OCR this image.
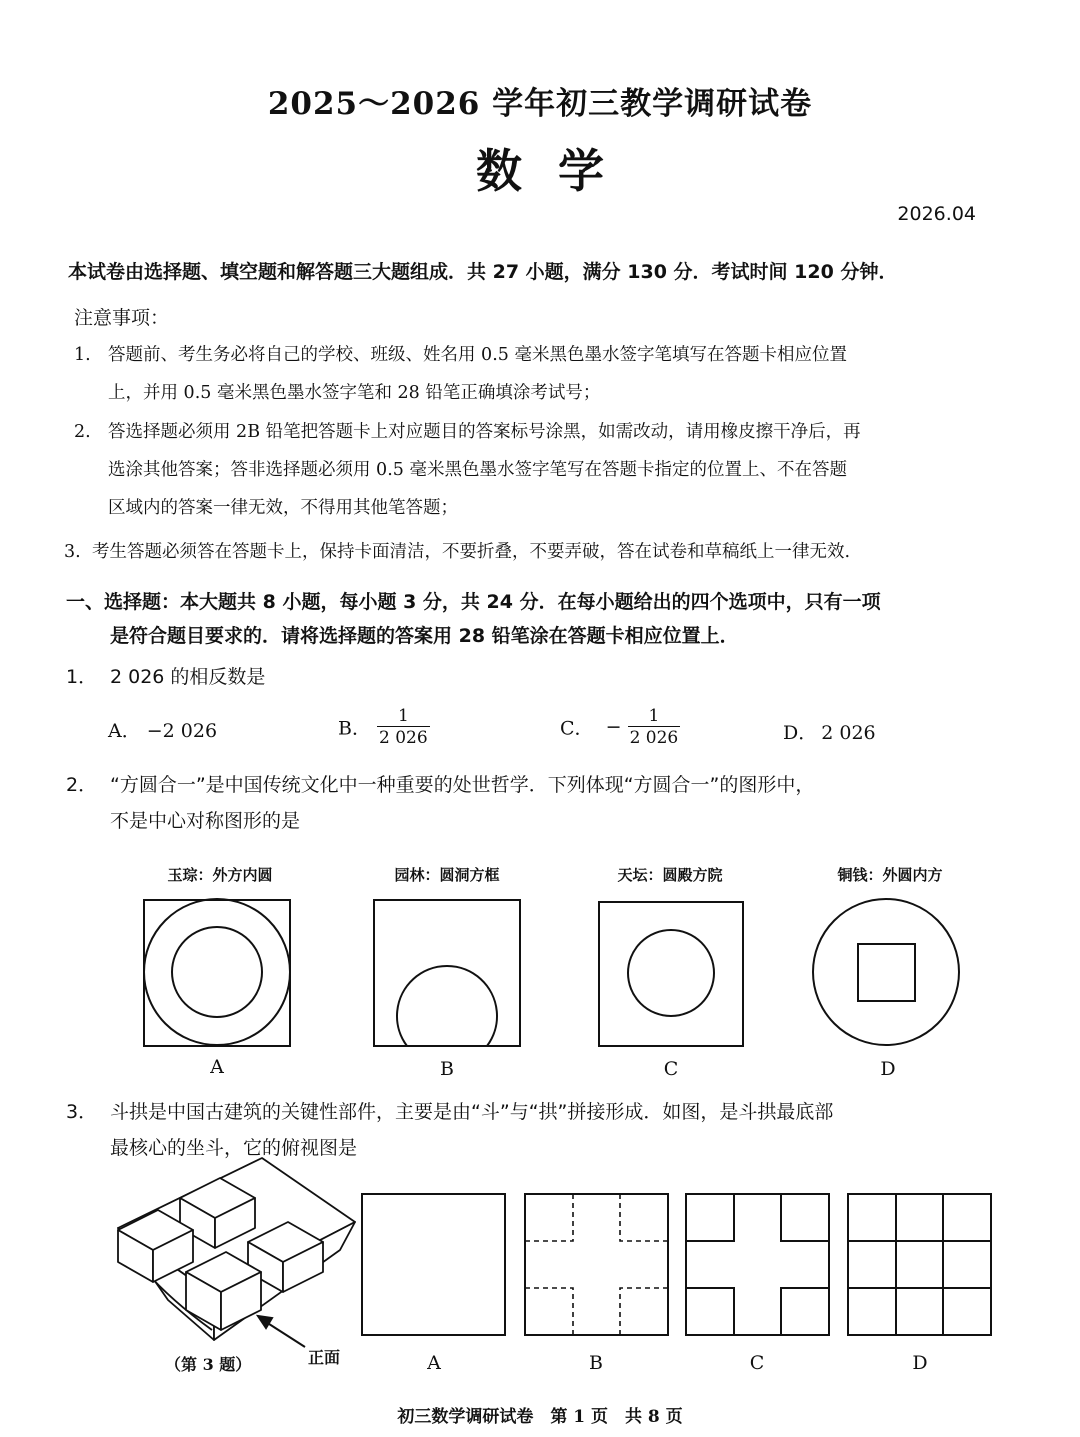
2025～2026 学年初三教学调研试卷
数学
2026.04
本试卷由选择题、填空题和解答题三大题组成．共 27 小题，满分 130 分．考试时间 120 分钟．
注意事项：
1. 答题前、考生务必将自己的学校、班级、姓名用 0.5 毫米黑色墨水签字笔填写在答题卡相应位置
上，并用 0.5 毫米黑色墨水签字笔和 28 铅笔正确填涂考试号；
2. 答选择题必须用 2B 铅笔把答题卡上对应题目的答案标号涂黑，如需改动，请用橡皮擦干净后，再
选涂其他答案；答非选择题必须用 0.5 毫米黑色墨水签字笔写在答题卡指定的位置上、不在答题
区域内的答案一律无效，不得用其他笔答题；
3. 考生答题必须答在答题卡上，保持卡面清洁，不要折叠，不要弄破，答在试卷和草稿纸上一律无效.
一、选择题：本大题共 8 小题，每小题 3 分，共 24 分．在每小题给出的四个选项中，只有一项
是符合题目要求的．请将选择题的答案用 28 铅笔涂在答题卡相应位置上．
1． 2 026 的相反数是
A． −2 026	B． $\frac{1}{2 026}$	C． − $\frac{1}{2 026}$	D． 2 026
2． “方圆合一”是中国传统文化中一种重要的处世哲学．下列体现“方圆合一”的图形中，
不是中心对称图形的是
玉琮：外方内圆	园林：圆洞方框	天坛：圆殿方院	铜钱：外圆内方
A	B	C	D
3． 斗拱是中国古建筑的关键性部件，主要是由“斗”与“拱”拼接形成．如图，是斗拱最底部
最核心的坐斗，它的俯视图是
（第 3 题）	正面	A	B	C	D
初三数学调研试卷　第 1 页　共 8 页
